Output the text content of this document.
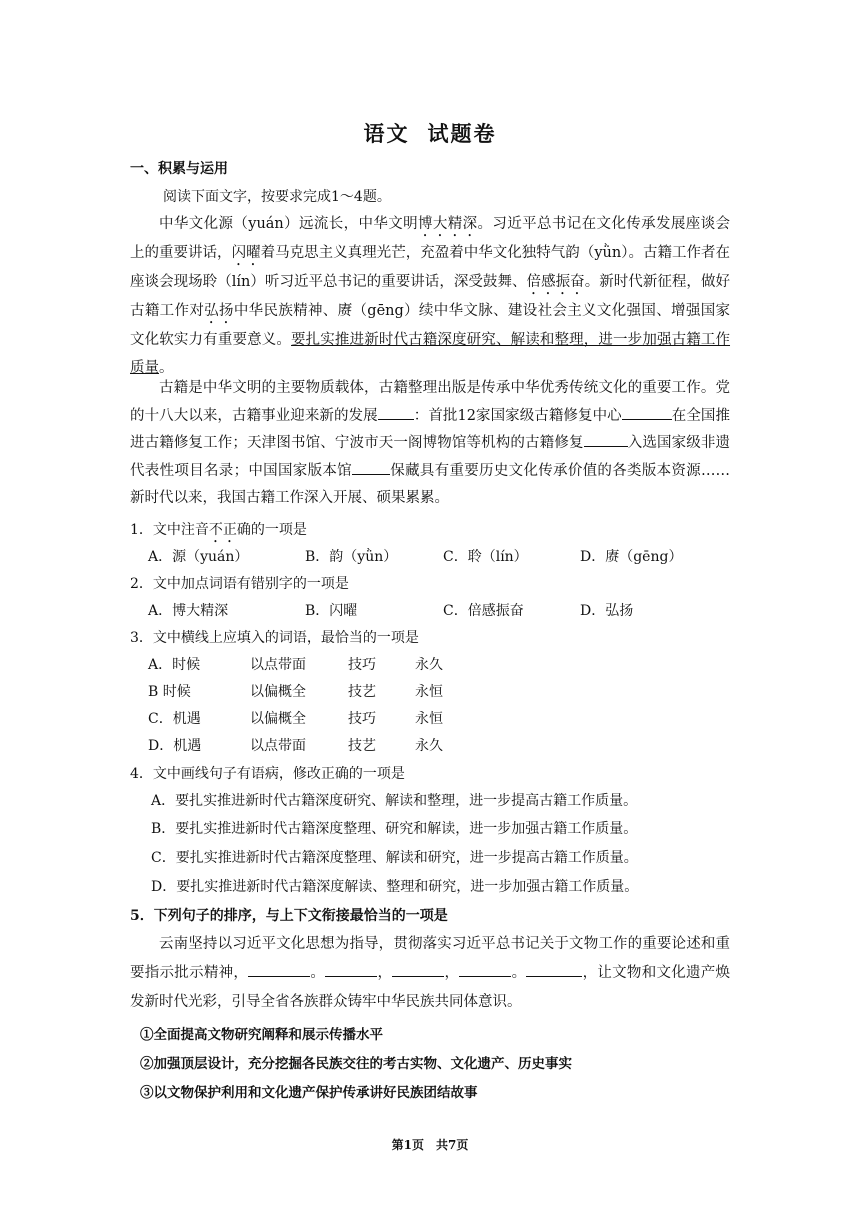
语文 试题卷
一、积累与运用
阅读下面文字，按要求完成1～4题。
中华文化源（yuán）远流长，中华文明博大精深。习近平总书记在文化传承发展座谈会上的重要讲话，闪曜着马克思主义真理光芒，充盈着中华文化独特气韵（yǜn）。古籍工作者在座谈会现场聆（lín）听习近平总书记的重要讲话，深受鼓舞、倍感振奋。新时代新征程，做好古籍工作对弘扬中华民族精神、赓（gēng）续中华文脉、建设社会主义文化强国、增强国家文化软实力有重要意义。要扎实推进新时代古籍深度研究、解读和整理，进一步加强古籍工作质量。
古籍是中华文明的主要物质载体，古籍整理出版是传承中华优秀传统文化的重要工作。党的十八大以来，古籍事业迎来新的发展 ：首批12家国家级古籍修复中心	在全国推进古籍修复工作；天津图书馆、宁波市天一阁博物馆等机构的古籍修复	入选国家级非遗代表性项目名录；中国国家版本馆	保藏具有重要历史文化传承价值的各类版本资源……新时代以来，我国古籍工作深入开展、硕果累累。
1．文中注音不正确的一项是
A．源（yuán）	B．韵（yǜn）	C．聆（lín）	D．赓（gēng）
2．文中加点词语有错别字的一项是
A．博大精深	B．闪曜	C．倍感振奋	D．弘扬
3．文中横线上应填入的词语，最恰当的一项是
A．时候	以点带面	技巧	永久
B 时候	以偏概全	技艺	永恒
C．机遇	以偏概全	技巧	永恒
D．机遇	以点带面	技艺	永久
4．文中画线句子有语病，修改正确的一项是
A．要扎实推进新时代古籍深度研究、解读和整理，进一步提高古籍工作质量。
B．要扎实推进新时代古籍深度整理、研究和解读，进一步加强古籍工作质量。
C．要扎实推进新时代古籍深度整理、解读和研究，进一步提高古籍工作质量。
D．要扎实推进新时代古籍深度解读、整理和研究，进一步加强古籍工作质量。
5．下列句子的排序，与上下文衔接最恰当的一项是
云南坚持以习近平文化思想为指导，贯彻落实习近平总书记关于文物工作的重要论述和重要指示批示精神，	。	，	，	。	，让文物和文化遗产焕发新时代光彩，引导全省各族群众铸牢中华民族共同体意识。
①全面提高文物研究阐释和展示传播水平
②加强顶层设计，充分挖掘各民族交往的考古实物、文化遗产、历史事实
③以文物保护利用和文化遗产保护传承讲好民族团结故事
第1页　共7页
